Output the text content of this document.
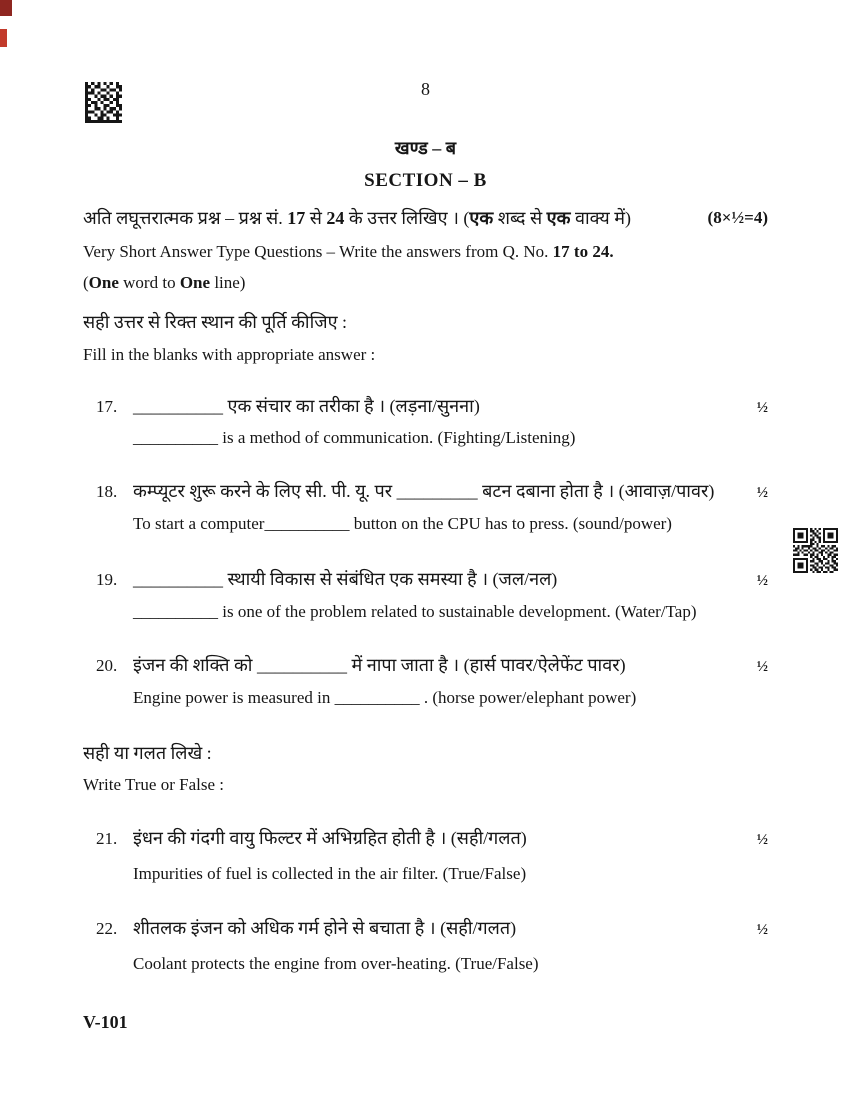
8
खण्ड – ब
SECTION – B
अति लघूत्तरात्मक प्रश्न – प्रश्न सं. 17 से 24 के उत्तर लिखिए । (एक शब्द से एक वाक्य में)	(8×½=4)
Very Short Answer Type Questions – Write the answers from Q. No. 17 to 24.
(One word to One line)
सही उत्तर से रिक्त स्थान की पूर्ति कीजिए :
Fill in the blanks with appropriate answer :
17. __________ एक संचार का तरीका है । (लड़ना/सुनना)	½
__________ is a method of communication. (Fighting/Listening)
18. कम्प्यूटर शुरू करने के लिए सी. पी. यू. पर _________ बटन दबाना होता है । (आवाज़/पावर)	½
To start a computer__________ button on the CPU has to press. (sound/power)
19. __________ स्थायी विकास से संबंधित एक समस्या है । (जल/नल)	½
__________ is one of the problem related to sustainable development. (Water/Tap)
20. इंजन की शक्ति को __________ में नापा जाता है । (हार्स पावर/ऐलेफेंट पावर)	½
Engine power is measured in __________ . (horse power/elephant power)
सही या गलत लिखे :
Write True or False :
21. इंधन की गंदगी वायु फिल्टर में अभिग्रहित होती है । (सही/गलत)	½
Impurities of fuel is collected in the air filter. (True/False)
22. शीतलक इंजन को अधिक गर्म होने से बचाता है । (सही/गलत)	½
Coolant protects the engine from over-heating. (True/False)
V-101
